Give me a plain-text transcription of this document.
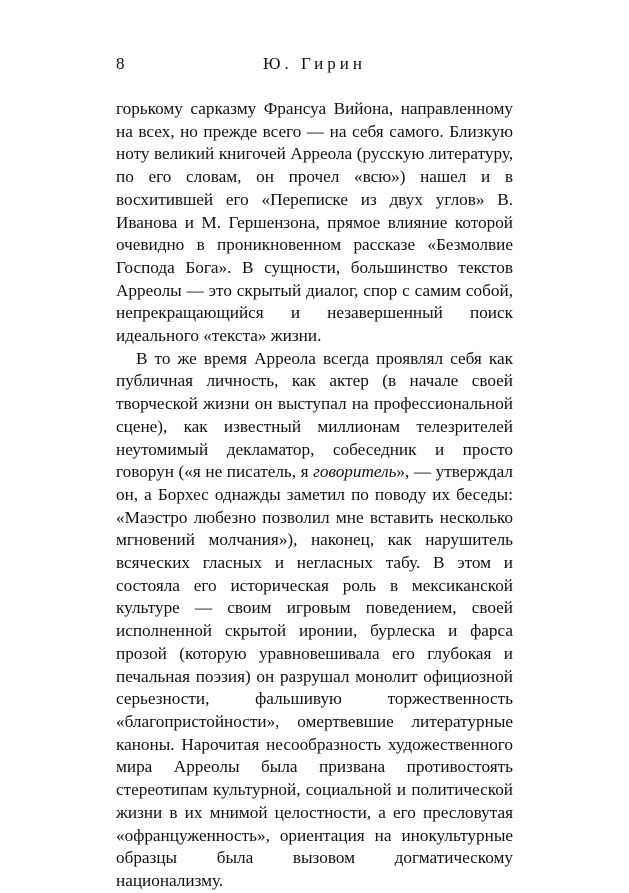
8	Ю. Гирин

горькому сарказму Франсуа Вийона, направленному на всех, но прежде всего — на себя самого. Близкую ноту великий книгочей Арреола (русскую литературу, по его словам, он прочел «всю») нашел и в восхитившей его «Переписке из двух углов» В. Иванова и М. Гершензона, прямое влияние которой очевидно в проникновенном рассказе «Безмолвие Господа Бога». В сущности, большинство текстов Арреолы — это скрытый диалог, спор с самим собой, непрекращающийся и незавершенный поиск идеального «текста» жизни.

В то же время Арреола всегда проявлял себя как публичная личность, как актер (в начале своей творческой жизни он выступал на профессиональной сцене), как известный миллионам телезрителей неутомимый декламатор, собеседник и просто говорун («я не писатель, я говоритель», — утверждал он, а Борхес однажды заметил по поводу их беседы: «Маэстро любезно позволил мне вставить несколько мгновений молчания»), наконец, как нарушитель всяческих гласных и негласных табу. В этом и состояла его историческая роль в мексиканской культуре — своим игровым поведением, своей исполненной скрытой иронии, бурлеска и фарса прозой (которую уравновешивала его глубокая и печальная поэзия) он разрушал монолит официозной серьезности, фальшивую торжественность «благопристойности», омертвевшие литературные каноны. Нарочитая несообразность художественного мира Арреолы была призвана противостоять стереотипам культурной, социальной и политической жизни в их мнимой целостности, а его пресловутая «офранцуженность», ориентация на инокультурные образцы была вызовом догматическому национализму.
